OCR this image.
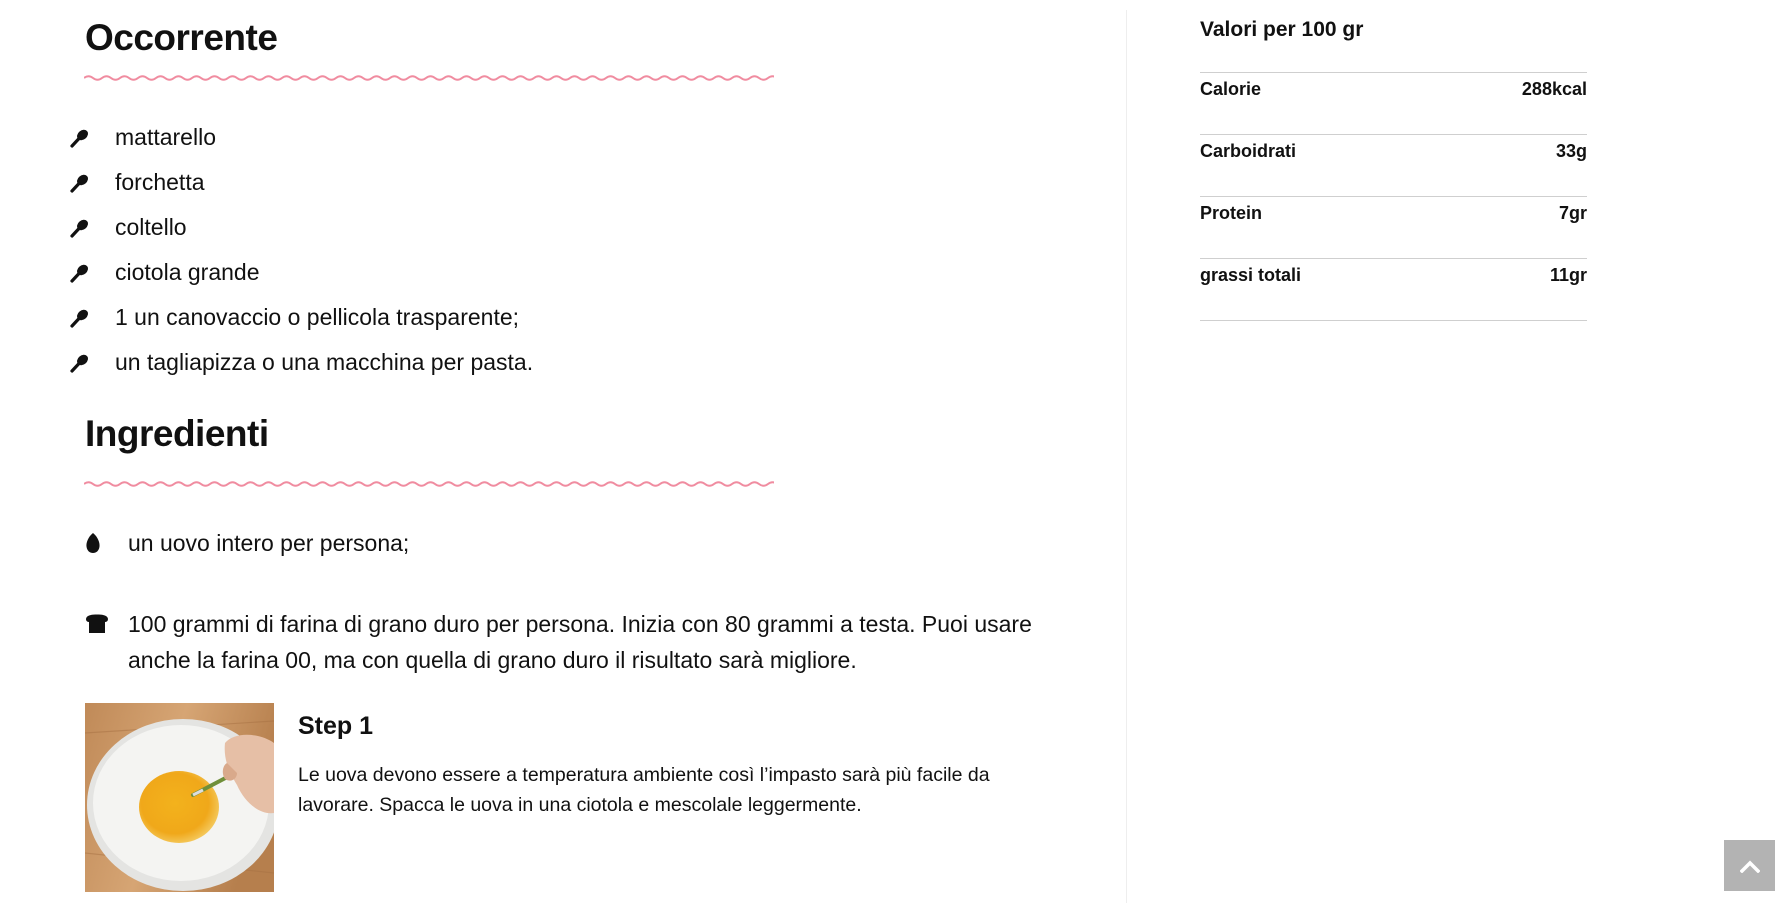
Occorrente
mattarello
forchetta
coltello
ciotola grande
1 un canovaccio o pellicola trasparente;
un tagliapizza o una macchina per pasta.
Ingredienti
un uovo intero per persona;
100 grammi di farina di grano duro per persona. Inizia con 80 grammi a testa. Puoi usare anche la farina 00, ma con quella di grano duro il risultato sarà migliore.
Step 1
Le uova devono essere a temperatura ambiente così l’impasto sarà più facile da lavorare. Spacca le uova in una ciotola e mescolale leggermente.
Valori per 100 gr
Calorie	288kcal
Carboidrati	33g
Protein	7gr
grassi totali	11gr
